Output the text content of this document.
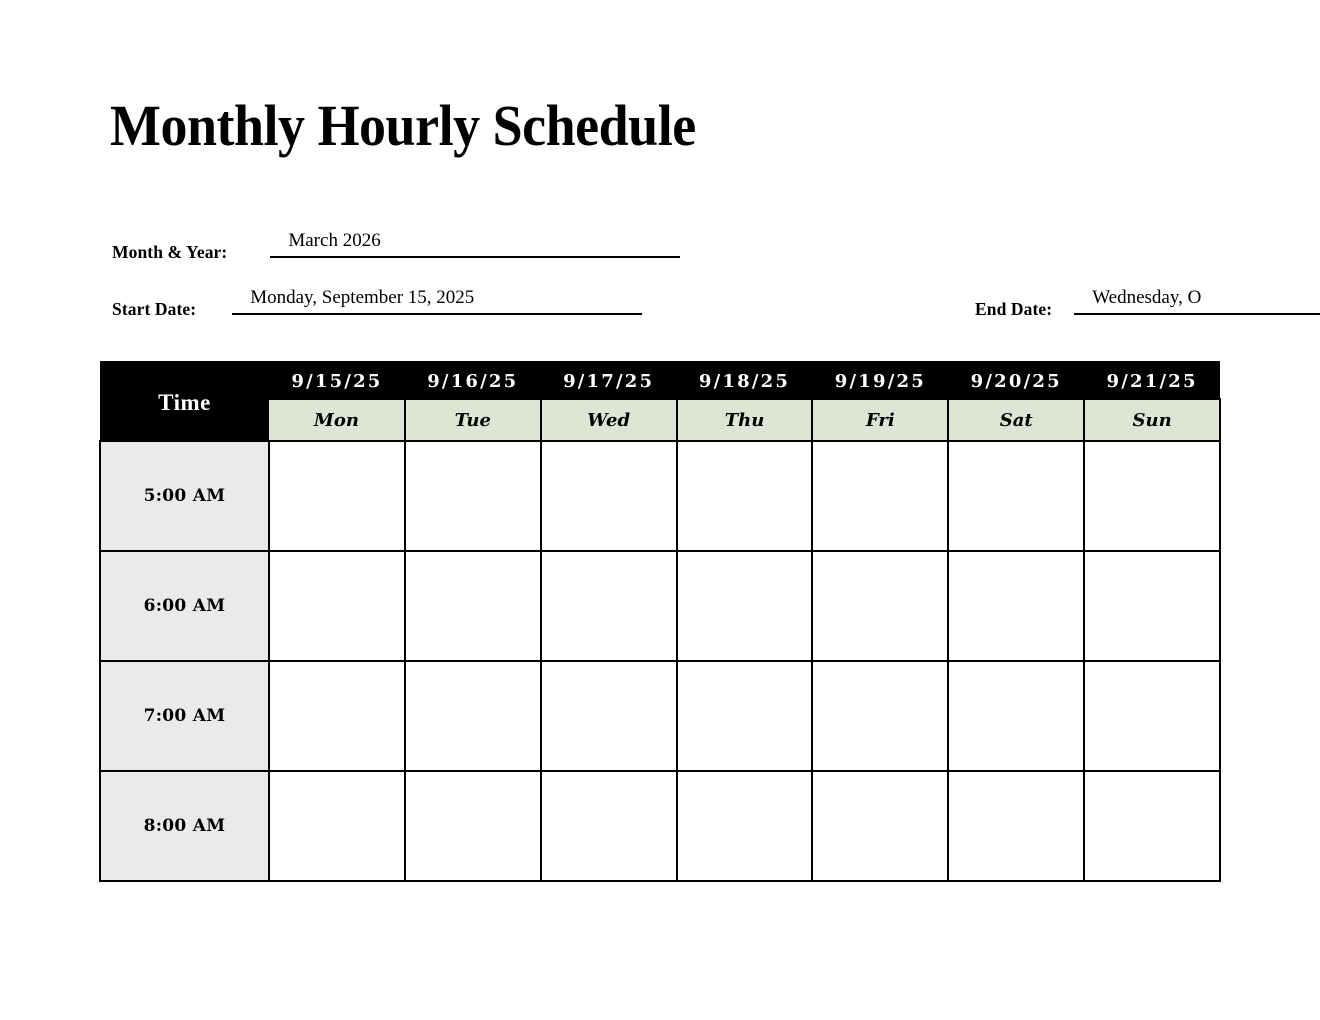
Monthly Hourly Schedule
Month & Year:
March 2026
Start Date:
Monday, September 15, 2025
End Date:
Wednesday, O
Time	9/15/25	9/16/25	9/17/25	9/18/25	9/19/25	9/20/25	9/21/25
	Mon	Tue	Wed	Thu	Fri	Sat	Sun
5:00 AM							
6:00 AM							
7:00 AM							
8:00 AM							
